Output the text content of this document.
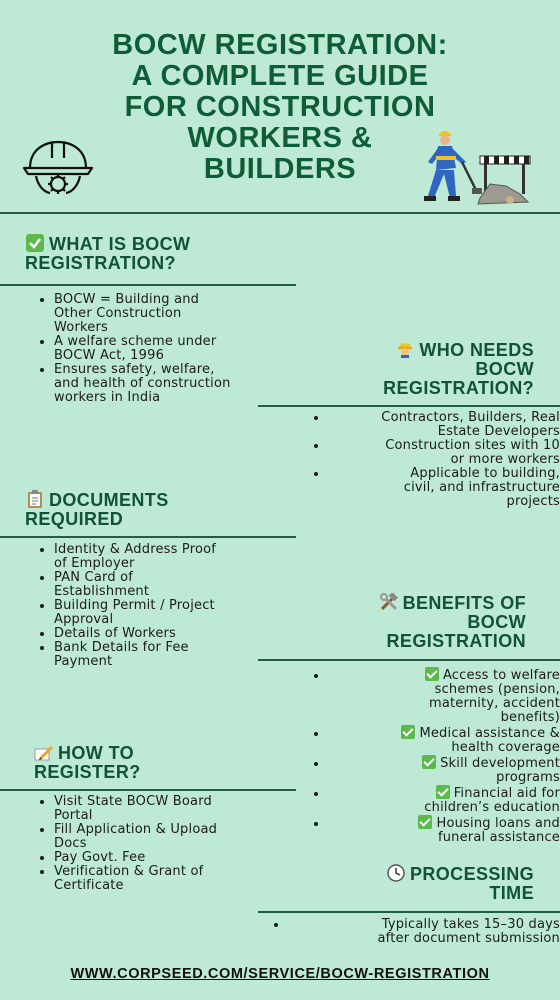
BOCW REGISTRATION:
A COMPLETE GUIDE
FOR CONSTRUCTION
WORKERS &
BUILDERS
WHAT IS BOCW
REGISTRATION?
• BOCW = Building and
Other Construction
Workers
• A welfare scheme under
BOCW Act, 1996
• Ensures safety, welfare,
and health of construction
workers in India
WHO NEEDS
BOCW
REGISTRATION?
• Contractors, Builders, Real
Estate Developers
• Construction sites with 10
or more workers
• Applicable to building,
civil, and infrastructure
projects
DOCUMENTS
REQUIRED
• Identity & Address Proof
of Employer
• PAN Card of
Establishment
• Building Permit / Project
Approval
• Details of Workers
• Bank Details for Fee
Payment
BENEFITS OF
BOCW
REGISTRATION
• Access to welfare
schemes (pension,
maternity, accident
benefits)
• Medical assistance &
health coverage
• Skill development
programs
• Financial aid for
children’s education
• Housing loans and
funeral assistance
HOW TO
REGISTER?
• Visit State BOCW Board
Portal
• Fill Application & Upload
Docs
• Pay Govt. Fee
• Verification & Grant of
Certificate
PROCESSING
TIME
• Typically takes 15–30 days
after document submission
WWW.CORPSEED.COM/SERVICE/BOCW-REGISTRATION
